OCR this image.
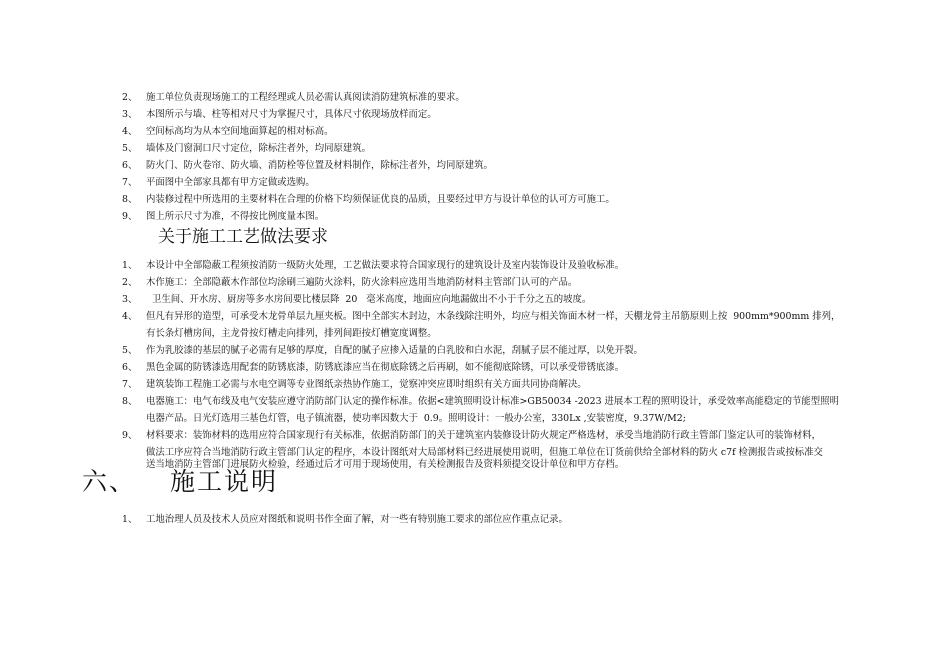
2、 施工单位负责现场施工的工程经理或人员必需认真阅读消防建筑标准的要求。
3、 本图所示与墙、柱等相对尺寸为掌握尺寸，具体尺寸依现场放样而定。
4、 空间标高均为从本空间地面算起的相对标高。
5、 墙体及门窗洞口尺寸定位，除标注者外，均同原建筑。
6、 防火门、防火卷帘、防火墙、消防栓等位置及材料制作，除标注者外，均同原建筑。
7、 平面图中全部家具都有甲方定做或选购。
8、 内装修过程中所选用的主要材料在合理的价格下均须保证优良的品质，且要经过甲方与设计单位的认可方可施工。
9、 图上所示尺寸为准，不得按比例度量本图。
关于施工工艺做法要求
1、 本设计中全部隐蔽工程须按消防一级防火处理，工艺做法要求符合国家现行的建筑设计及室内装饰设计及验收标准。
2、 木作施工：全部隐蔽木作部位均涂刷三遍防火涂料，防火涂料应选用当地消防材料主管部门认可的产品。
3、 卫生间、开水房、厨房等多水房间要比楼层降  20   毫米高度，地面应向地漏做出不小于千分之五的坡度。
4、 但凡有异形的造型，可承受木龙骨单层九厘夹板。图中全部实木封边，木条线除注明外，均应与相关饰面木材一样，天棚龙骨主吊筋原则上按  900mm*900mm 排列，
有长条灯槽房间，主龙骨按灯槽走向排列，排列间距按灯槽宽度调整。
5、 作为乳胶漆的基层的腻子必需有足够的厚度，自配的腻子应掺入适量的白乳胶和白水泥，刮腻子层不能过厚，以免开裂。
6、 黑色金属的防锈漆选用配套的防锈底漆，防锈底漆应当在彻底除锈之后再刷，如不能彻底除锈，可以承受带锈底漆。
7、 建筑装饰工程施工必需与水电空调等专业图纸亲热协作施工，觉察冲突应即时组织有关方面共同协商解决。
8、 电器施工：电气布线及电气安装应遵守消防部门认定的操作标准。依据<建筑照明设计标准>GB50034 -2023 进展本工程的照明设计，承受效率高能稳定的节能型照明
电器产品。日光灯选用三基色灯管，电子镇流器，使功率因数大于  0.9。照明设计：一般办公室，330Lx ,安装密度，9.37W/M2;
9、 材料要求：装饰材料的选用应符合国家现行有关标准，依据消防部门的关于建筑室内装修设计防火规定严格选材，承受当地消防行政主管部门鉴定认可的装饰材料，
做法工序应符合当地消防行政主管部门认定的程序，本设计图纸对大局部材料已经进展使用说明，但施工单位在订货前供给全部材料的防火 c7f 检测报告或按标准交
送当地消防主管部门进展防火检验，经通过后才可用于现场使用，有关检测报告及资料须提交设计单位和甲方存档。
六、 施工说明
1、 工地治理人员及技术人员应对图纸和说明书作全面了解，对一些有特别施工要求的部位应作重点记录。
